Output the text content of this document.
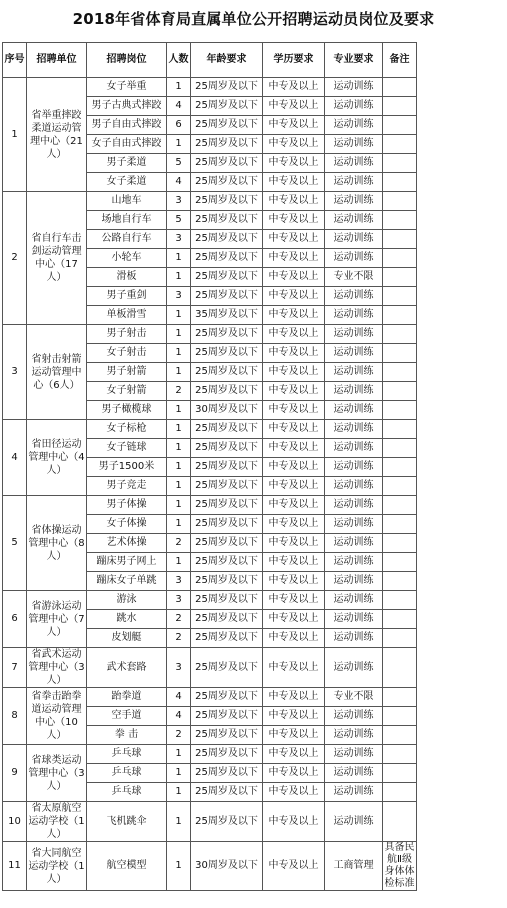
2018年省体育局直属单位公开招聘运动员岗位及要求
序号	招聘单位	招聘岗位	人数	年龄要求	学历要求	专业要求	备注
1	省举重摔跤柔道运动管理中心（21人）	女子举重	1	25周岁及以下	中专及以上	运动训练	
		男子古典式摔跤	4	25周岁及以下	中专及以上	运动训练	
		男子自由式摔跤	6	25周岁及以下	中专及以上	运动训练	
		女子自由式摔跤	1	25周岁及以下	中专及以上	运动训练	
		男子柔道	5	25周岁及以下	中专及以上	运动训练	
		女子柔道	4	25周岁及以下	中专及以上	运动训练	
2	省自行车击剑运动管理中心（17人）	山地车	3	25周岁及以下	中专及以上	运动训练	
		场地自行车	5	25周岁及以下	中专及以上	运动训练	
		公路自行车	3	25周岁及以下	中专及以上	运动训练	
		小轮车	1	25周岁及以下	中专及以上	运动训练	
		滑板	1	25周岁及以下	中专及以上	专业不限	
		男子重剑	3	25周岁及以下	中专及以上	运动训练	
		单板滑雪	1	35周岁及以下	中专及以上	运动训练	
3	省射击射箭运动管理中心（6人）	男子射击	1	25周岁及以下	中专及以上	运动训练	
		女子射击	1	25周岁及以下	中专及以上	运动训练	
		男子射箭	1	25周岁及以下	中专及以上	运动训练	
		女子射箭	2	25周岁及以下	中专及以上	运动训练	
		男子橄榄球	1	30周岁及以下	中专及以上	运动训练	
4	省田径运动管理中心（4人）	女子标枪	1	25周岁及以下	中专及以上	运动训练	
		女子链球	1	25周岁及以下	中专及以上	运动训练	
		男子1500米	1	25周岁及以下	中专及以上	运动训练	
		男子竞走	1	25周岁及以下	中专及以上	运动训练	
5	省体操运动管理中心（8人）	男子体操	1	25周岁及以下	中专及以上	运动训练	
		女子体操	1	25周岁及以下	中专及以上	运动训练	
		艺术体操	2	25周岁及以下	中专及以上	运动训练	
		蹦床男子网上	1	25周岁及以下	中专及以上	运动训练	
		蹦床女子单跳	3	25周岁及以下	中专及以上	运动训练	
6	省游泳运动管理中心（7人）	游泳	3	25周岁及以下	中专及以上	运动训练	
		跳水	2	25周岁及以下	中专及以上	运动训练	
		皮划艇	2	25周岁及以下	中专及以上	运动训练	
7	省武术运动管理中心（3人）	武术套路	3	25周岁及以下	中专及以上	运动训练	
8	省拳击跆拳道运动管理中心（10人）	跆拳道	4	25周岁及以下	中专及以上	专业不限	
		空手道	4	25周岁及以下	中专及以上	运动训练	
		拳 击	2	25周岁及以下	中专及以上	运动训练	
9	省球类运动管理中心（3人）	乒乓球	1	25周岁及以下	中专及以上	运动训练	
		乒乓球	1	25周岁及以下	中专及以上	运动训练	
		乒乓球	1	25周岁及以下	中专及以上	运动训练	
10	省太原航空运动学校（1人）	飞机跳伞	1	25周岁及以下	中专及以上	运动训练	
11	省大同航空运动学校（1人）	航空模型	1	30周岁及以下	中专及以上	工商管理	具备民航Ⅱ级身体体检标准
